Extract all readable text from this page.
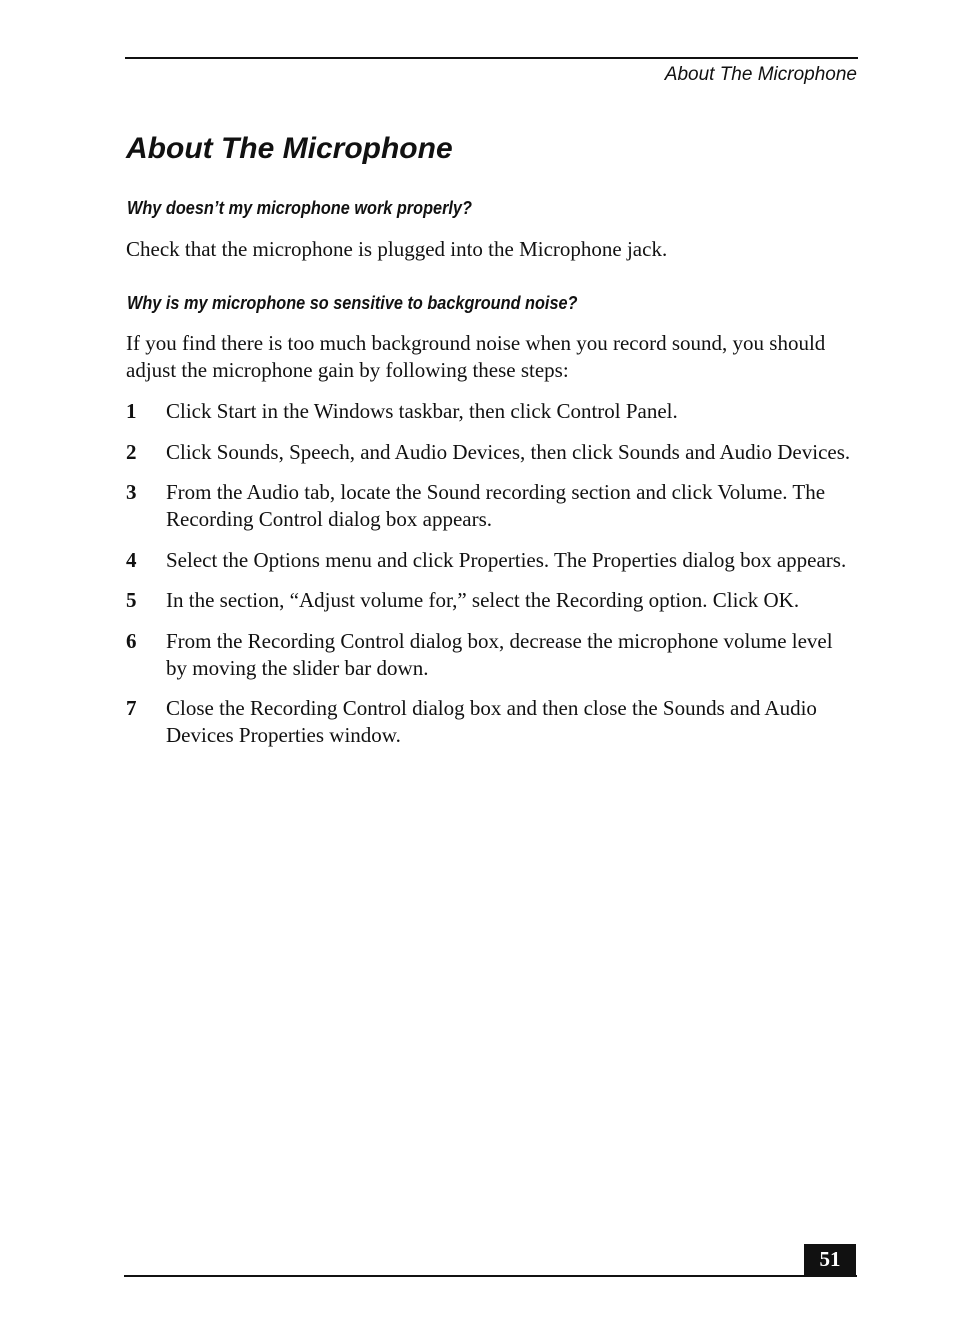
About The Microphone
About The Microphone
Why doesn’t my microphone work properly?

Check that the microphone is plugged into the Microphone jack.

Why is my microphone so sensitive to background noise?

If you find there is too much background noise when you record sound, you should adjust the microphone gain by following these steps:

1 Click Start in the Windows taskbar, then click Control Panel.
2 Click Sounds, Speech, and Audio Devices, then click Sounds and Audio Devices.
3 From the Audio tab, locate the Sound recording section and click Volume. The Recording Control dialog box appears.
4 Select the Options menu and click Properties. The Properties dialog box appears.
5 In the section, “Adjust volume for,” select the Recording option. Click OK.
6 From the Recording Control dialog box, decrease the microphone volume level by moving the slider bar down.
7 Close the Recording Control dialog box and then close the Sounds and Audio Devices Properties window.
51
